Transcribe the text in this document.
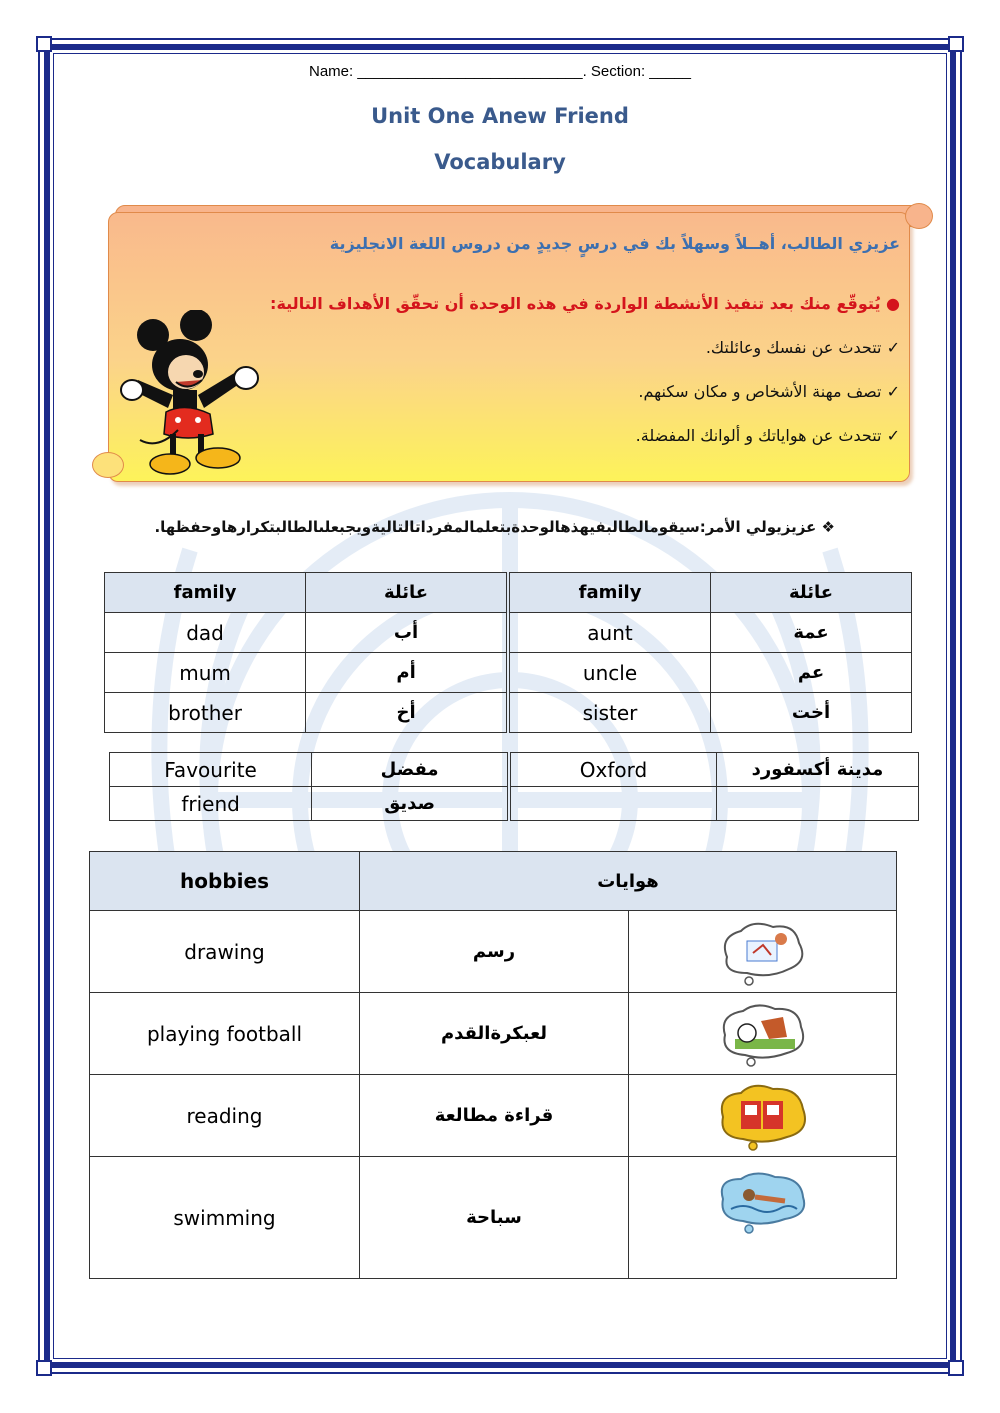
Name: ___________________________. Section: _____
Unit One Anew Friend
Vocabulary
عزيزي الطالب، أهــلاً وسهلاً بك في درسٍ جديدٍ من دروس اللغة الانجليزية
● يُتوقّع منك بعد تنفيذ الأنشطة الواردة في هذه الوحدة أن تحقّق الأهداف التالية:
✓ تتحدث عن نفسك وعائلتك.
✓ تصف مهنة الأشخاص و مكان سكنهم.
✓ تتحدث عن هواياتك و ألوانك المفضلة.
❖ عزيزيولي الأمر:سيقومالطالبفيهذهالوحدةبتعلمالمفرداتالتاليةويجبعلىالطالبتكرارهاوحفظها.
family	عائلة	family	عائلة
dad	أب	aunt	عمة
mum	أم	uncle	عم
brother	أخ	sister	أخت
Favourite	مفضل	Oxford	مدينة أكسفورد
friend	صديق		
hobbies	هوايات	
drawing	رسم	

playing football	لعبكرةالقدم	

reading	قراءة مطالعة	

swimming	سباحة	
